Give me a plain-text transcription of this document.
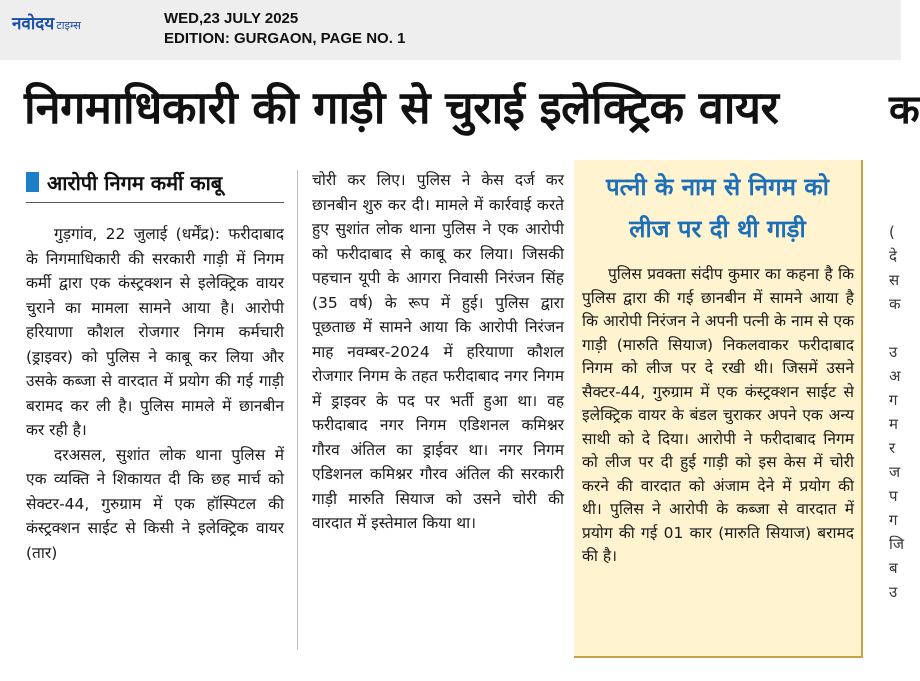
नवोदय टाइम्स	WED,23 JULY 2025
EDITION: GURGAON, PAGE NO. 1
निगमाधिकारी की गाड़ी से चुराई इलेक्ट्रिक वायर	क
आरोपी निगम कर्मी काबू

गुड़गांव, 22 जुलाई (धर्मेंद्र): फरीदाबाद के निगमाधिकारी की सरकारी गाड़ी में निगम कर्मी द्वारा एक कंस्ट्रक्शन से इलेक्ट्रिक वायर चुराने का मामला सामने आया है। आरोपी हरियाणा कौशल रोजगार निगम कर्मचारी (ड्राइवर) को पुलिस ने काबू कर लिया और उसके कब्जा से वारदात में प्रयोग की गई गाड़ी बरामद कर ली है। पुलिस मामले में छानबीन कर रही है।

दरअसल, सुशांत लोक थाना पुलिस में एक व्यक्ति ने शिकायत दी कि छह मार्च को सेक्टर-44, गुरुग्राम में एक हॉस्पिटल की कंस्ट्रक्शन साईट से किसी ने इलेक्ट्रिक वायर (तार)

चोरी कर लिए। पुलिस ने केस दर्ज कर छानबीन शुरु कर दी। मामले में कार्रवाई करते हुए सुशांत लोक थाना पुलिस ने एक आरोपी को फरीदाबाद से काबू कर लिया। जिसकी पहचान यूपी के आगरा निवासी निरंजन सिंह (35 वर्ष) के रूप में हुई। पुलिस द्वारा पूछताछ में सामने आया कि आरोपी निरंजन माह नवम्बर-2024 में हरियाणा कौशल रोजगार निगम के तहत फरीदाबाद नगर निगम में ड्राइवर के पद पर भर्ती हुआ था। वह फरीदाबाद नगर निगम एडिशनल कमिश्नर गौरव अंतिल का ड्राईवर था। नगर निगम एडिशनल कमिश्नर गौरव अंतिल की सरकारी गाड़ी मारुति सियाज को उसने चोरी की वारदात में इस्तेमाल किया था।

पत्नी के नाम से निगम को लीज पर दी थी गाड़ी

पुलिस प्रवक्ता संदीप कुमार का कहना है कि पुलिस द्वारा की गई छानबीन में सामने आया है कि आरोपी निरंजन ने अपनी पत्नी के नाम से एक गाड़ी (मारुति सियाज) निकलवाकर फरीदाबाद निगम को लीज पर दे रखी थी। जिसमें उसने सैक्टर-44, गुरुग्राम में एक कंस्ट्रक्शन साईट से इलेक्ट्रिक वायर के बंडल चुराकर अपने एक अन्य साथी को दे दिया। आरोपी ने फरीदाबाद निगम को लीज पर दी हुई गाड़ी को इस केस में चोरी करने की वारदात को अंजाम देने में प्रयोग की थी। पुलिस ने आरोपी के कब्जा से वारदात में प्रयोग की गई 01 कार (मारुति सियाज) बरामद की है।

(
दे
स
क

उ
अ
ग
म
र
ज
प
ग
जि
ब
उ
